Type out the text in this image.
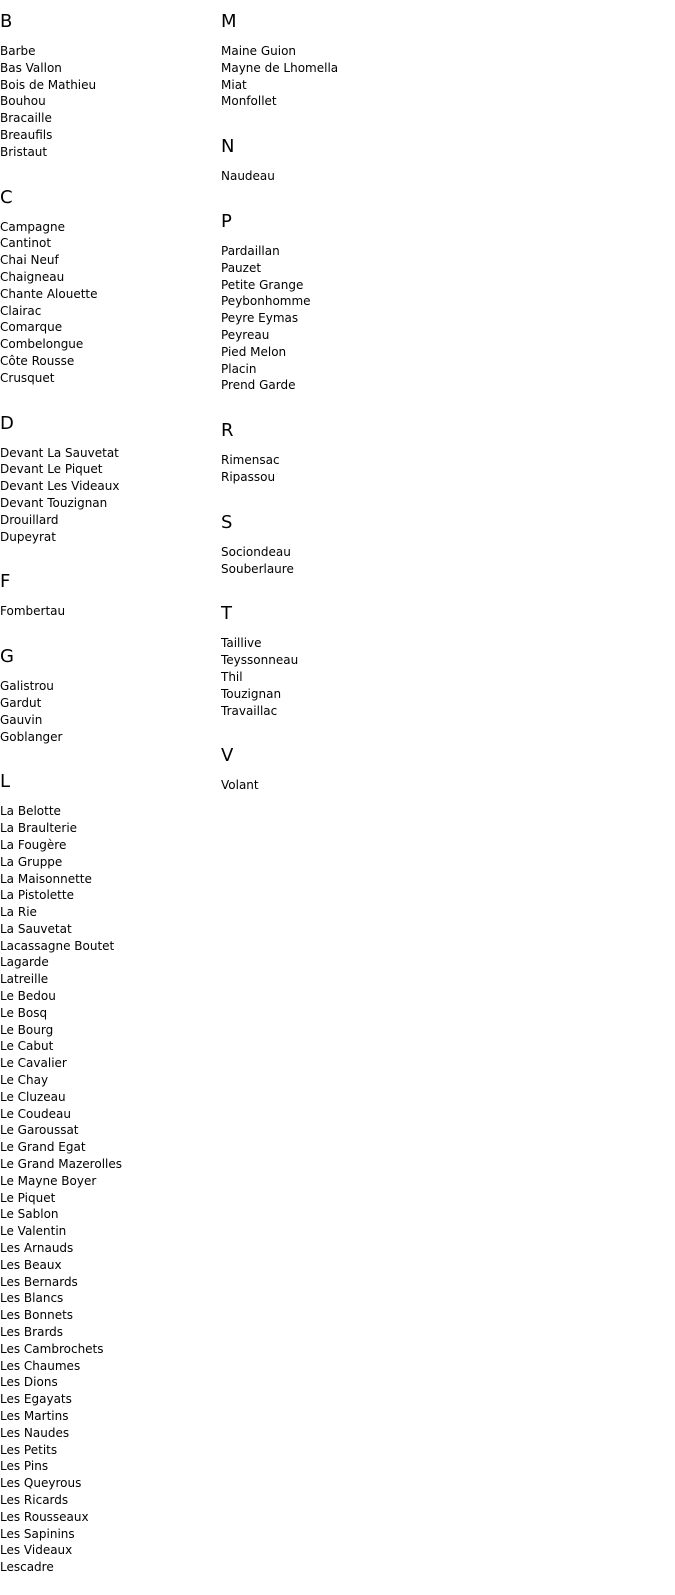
B
Barbe
Bas Vallon
Bois de Mathieu
Bouhou
Bracaille
Breaufils
Bristaut
C
Campagne
Cantinot
Chai Neuf
Chaigneau
Chante Alouette
Clairac
Comarque
Combelongue
Côte Rousse
Crusquet
D
Devant La Sauvetat
Devant Le Piquet
Devant Les Videaux
Devant Touzignan
Drouillard
Dupeyrat
F
Fombertau
G
Galistrou
Gardut
Gauvin
Goblanger
L
La Belotte
La Braulterie
La Fougère
La Gruppe
La Maisonnette
La Pistolette
La Rie
La Sauvetat
Lacassagne Boutet
Lagarde
Latreille
Le Bedou
Le Bosq
Le Bourg
Le Cabut
Le Cavalier
Le Chay
Le Cluzeau
Le Coudeau
Le Garoussat
Le Grand Egat
Le Grand Mazerolles
Le Mayne Boyer
Le Piquet
Le Sablon
Le Valentin
Les Arnauds
Les Beaux
Les Bernards
Les Blancs
Les Bonnets
Les Brards
Les Cambrochets
Les Chaumes
Les Dions
Les Egayats
Les Martins
Les Naudes
Les Petits
Les Pins
Les Queyrous
Les Ricards
Les Rousseaux
Les Sapinins
Les Videaux
Lescadre
M
Maine Guion
Mayne de Lhomella
Miat
Monfollet
N
Naudeau
P
Pardaillan
Pauzet
Petite Grange
Peybonhomme
Peyre Eymas
Peyreau
Pied Melon
Placin
Prend Garde
R
Rimensac
Ripassou
S
Sociondeau
Souberlaure
T
Taillive
Teyssonneau
Thil
Touzignan
Travaillac
V
Volant
